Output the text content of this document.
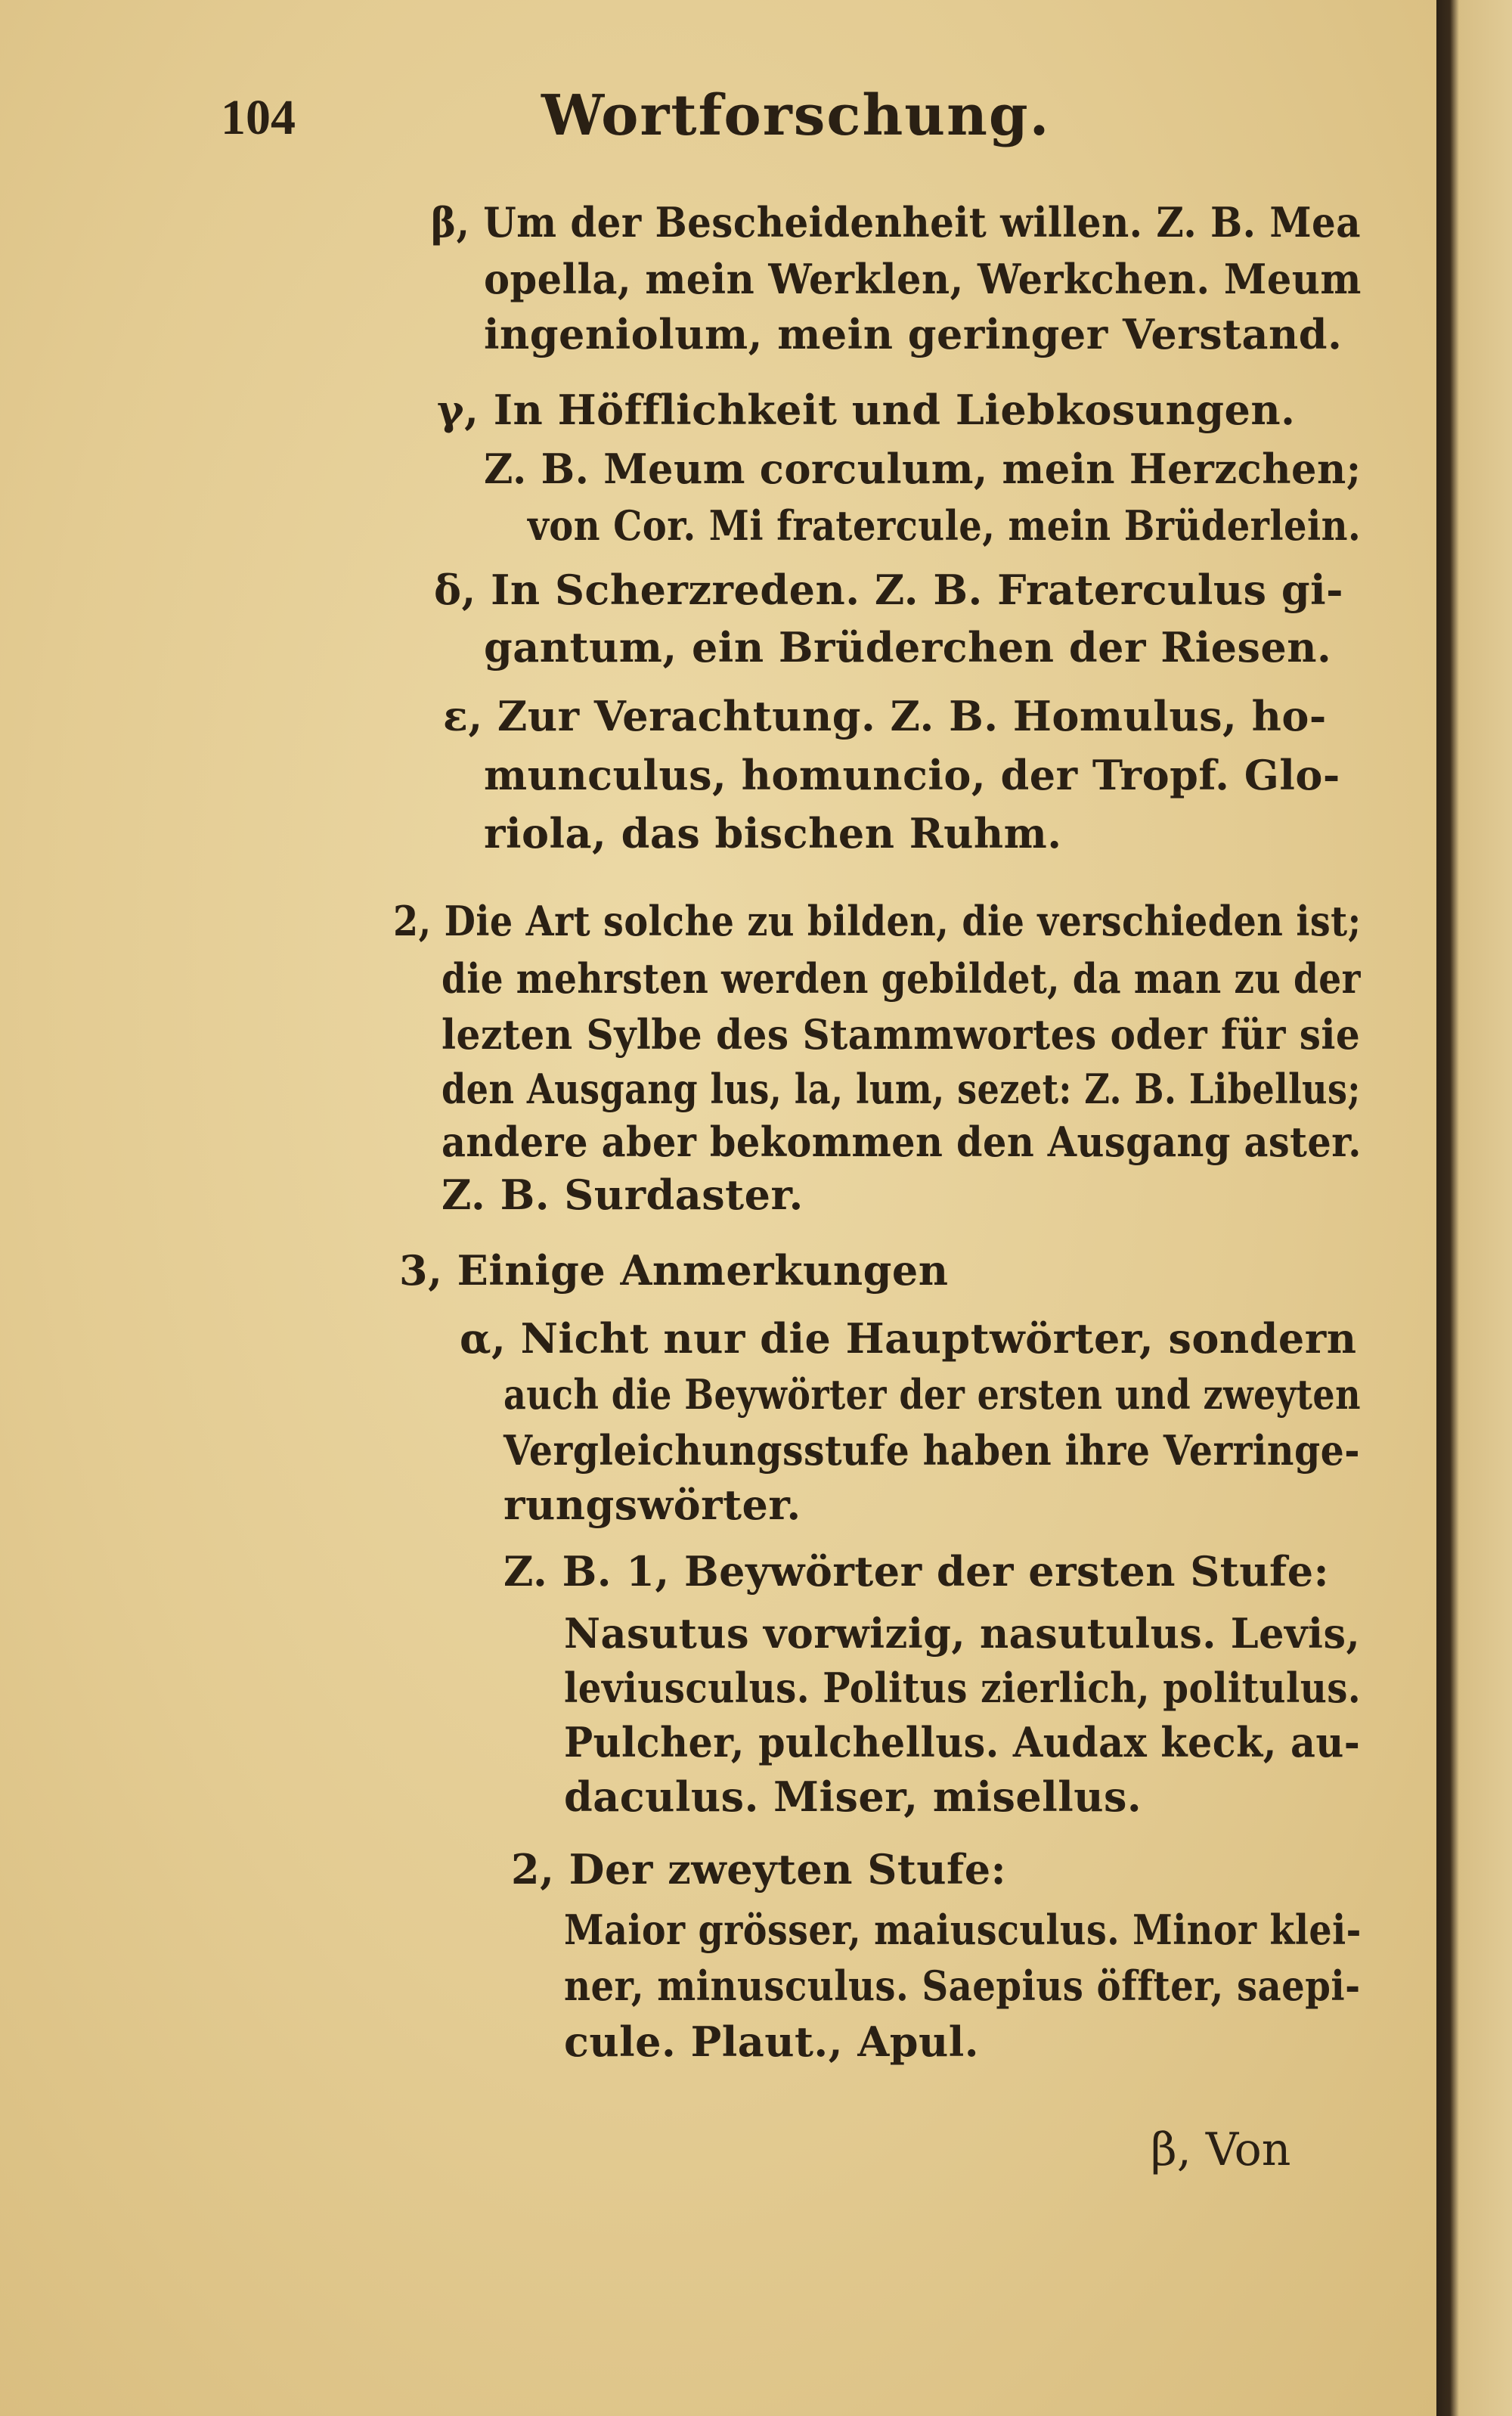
104	Wortforschung.
β, Um der Bescheidenheit willen. Z. B. Mea
opella, mein Werklen, Werkchen. Meum
ingeniolum, mein geringer Verstand.
γ, In Höfflichkeit und Liebkosungen.
Z. B. Meum corculum, mein Herzchen;
von Cor. Mi fratercule, mein Brüderlein.
δ, In Scherzreden. Z. B. Fraterculus gi-
gantum, ein Brüderchen der Riesen.
ε, Zur Verachtung. Z. B. Homulus, ho-
munculus, homuncio, der Tropf. Glo-
riola, das bischen Ruhm.
2, Die Art solche zu bilden, die verschieden ist;
die mehrsten werden gebildet, da man zu der
lezten Sylbe des Stammwortes oder für sie
den Ausgang lus, la, lum, sezet: Z. B. Libellus;
andere aber bekommen den Ausgang aster.
Z. B. Surdaster.
3, Einige Anmerkungen
α, Nicht nur die Hauptwörter, sondern
auch die Beywörter der ersten und zweyten
Vergleichungsstufe haben ihre Verringe-
rungswörter.
Z. B. 1, Beywörter der ersten Stufe:
Nasutus vorwizig, nasutulus. Levis,
leviusculus. Politus zierlich, politulus.
Pulcher, pulchellus. Audax keck, au-
daculus. Miser, misellus.
2, Der zweyten Stufe:
Maior grösser, maiusculus. Minor klei-
ner, minusculus. Saepius öffter, saepi-
cule. Plaut., Apul.
β, Von
